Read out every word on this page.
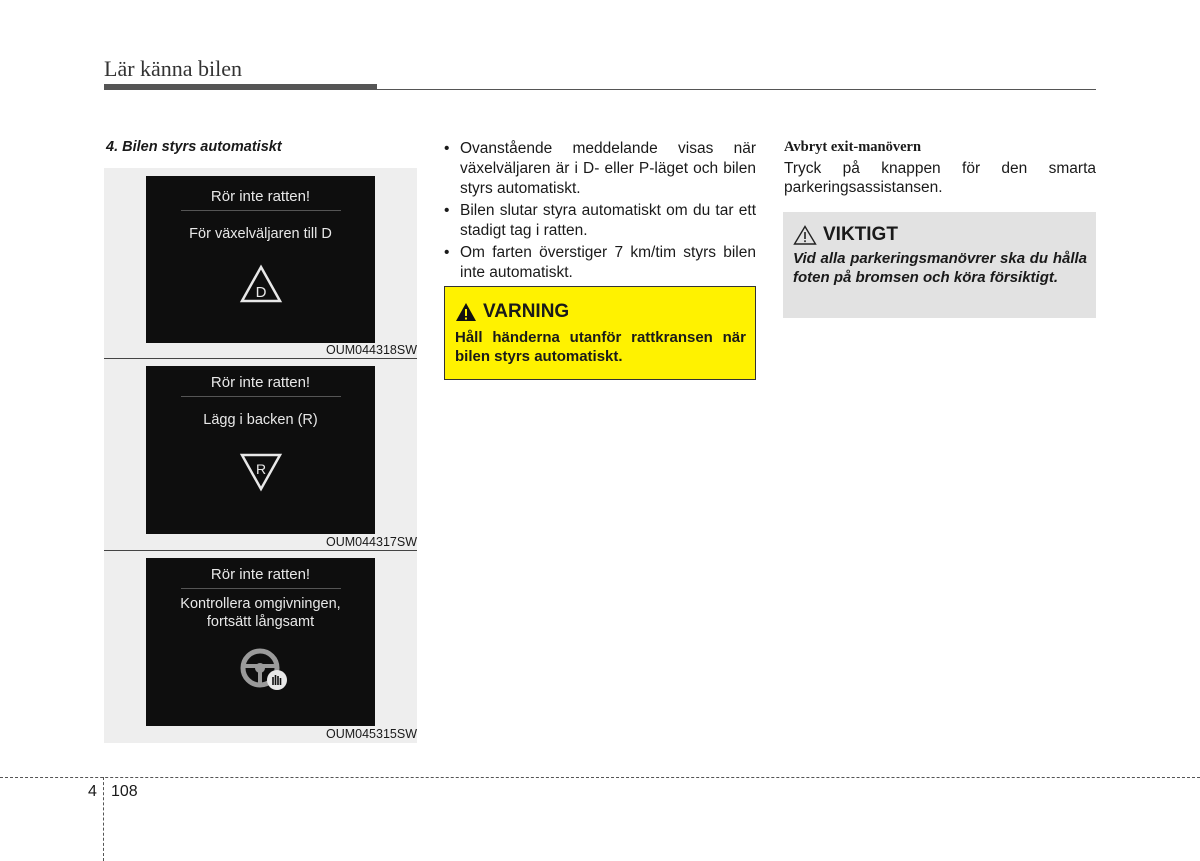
Lär känna bilen
4. Bilen styrs automatiskt
Rör inte ratten!
För växelväljaren till D
D
OUM044318SW
Rör inte ratten!
Lägg i backen (R)
R
OUM044317SW
Rör inte ratten!
Kontrollera omgivningen,
fortsätt långsamt
OUM045315SW
• Ovanstående meddelande visas när växelväljaren är i D- eller P-läget och bilen styrs automatiskt.
• Bilen slutar styra automatiskt om du tar ett stadigt tag i ratten.
• Om farten överstiger 7 km/tim styrs bilen inte automatiskt.
VARNING
Håll händerna utanför rattkransen när bilen styrs automatiskt.
Avbryt exit-manövern
Tryck på knappen för den smarta parkeringsassistansen.
VIKTIGT
Vid alla parkeringsmanövrer ska du hålla foten på bromsen och köra försiktigt.
4 108
